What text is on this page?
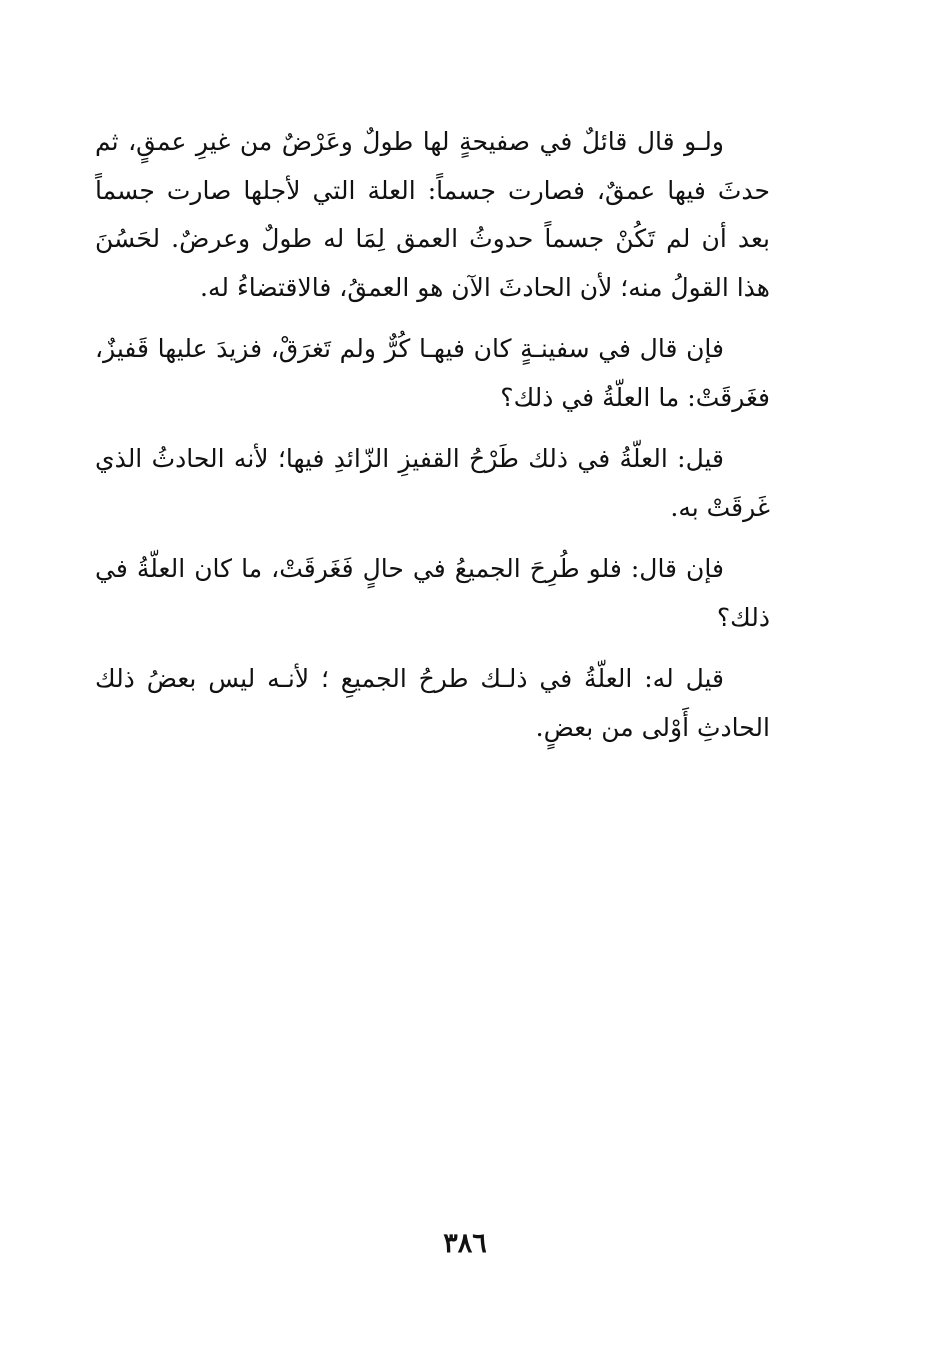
ولـو قال قائلٌ في صفيحةٍ لها طولٌ وعَرْضٌ من غيرِ عمقٍ، ثم حدثَ فيها عمقٌ، فصارت جسماً: العلة التي لأجلها صارت جسماً بعد أن لم تَكُنْ جسماً حدوثُ العمق لِمَا له طولٌ وعرضٌ. لحَسُنَ هذا القولُ منه؛ لأن الحادثَ الآن هو العمقُ، فالاقتضاءُ له.

فإن قال في سفينـةٍ كان فيهـا كُرٌّ ولم تَغرَقْ، فزيدَ عليها قَفيزٌ، فغَرقَتْ: ما العلّةُ في ذلك؟

قيل: العلّةُ في ذلك طَرْحُ القفيزِ الزّائدِ فيها؛ لأنه الحادثُ الذي غَرقَتْ به.

فإن قال: فلو طُرِحَ الجميعُ في حالٍ فَغَرقَتْ، ما كان العلّةُ في ذلك؟

قيل له: العلّةُ في ذلـك طرحُ الجميعِ ؛ لأنـه ليس بعضُ ذلك الحادثِ أَوْلى من بعضٍ.

٣٨٦
